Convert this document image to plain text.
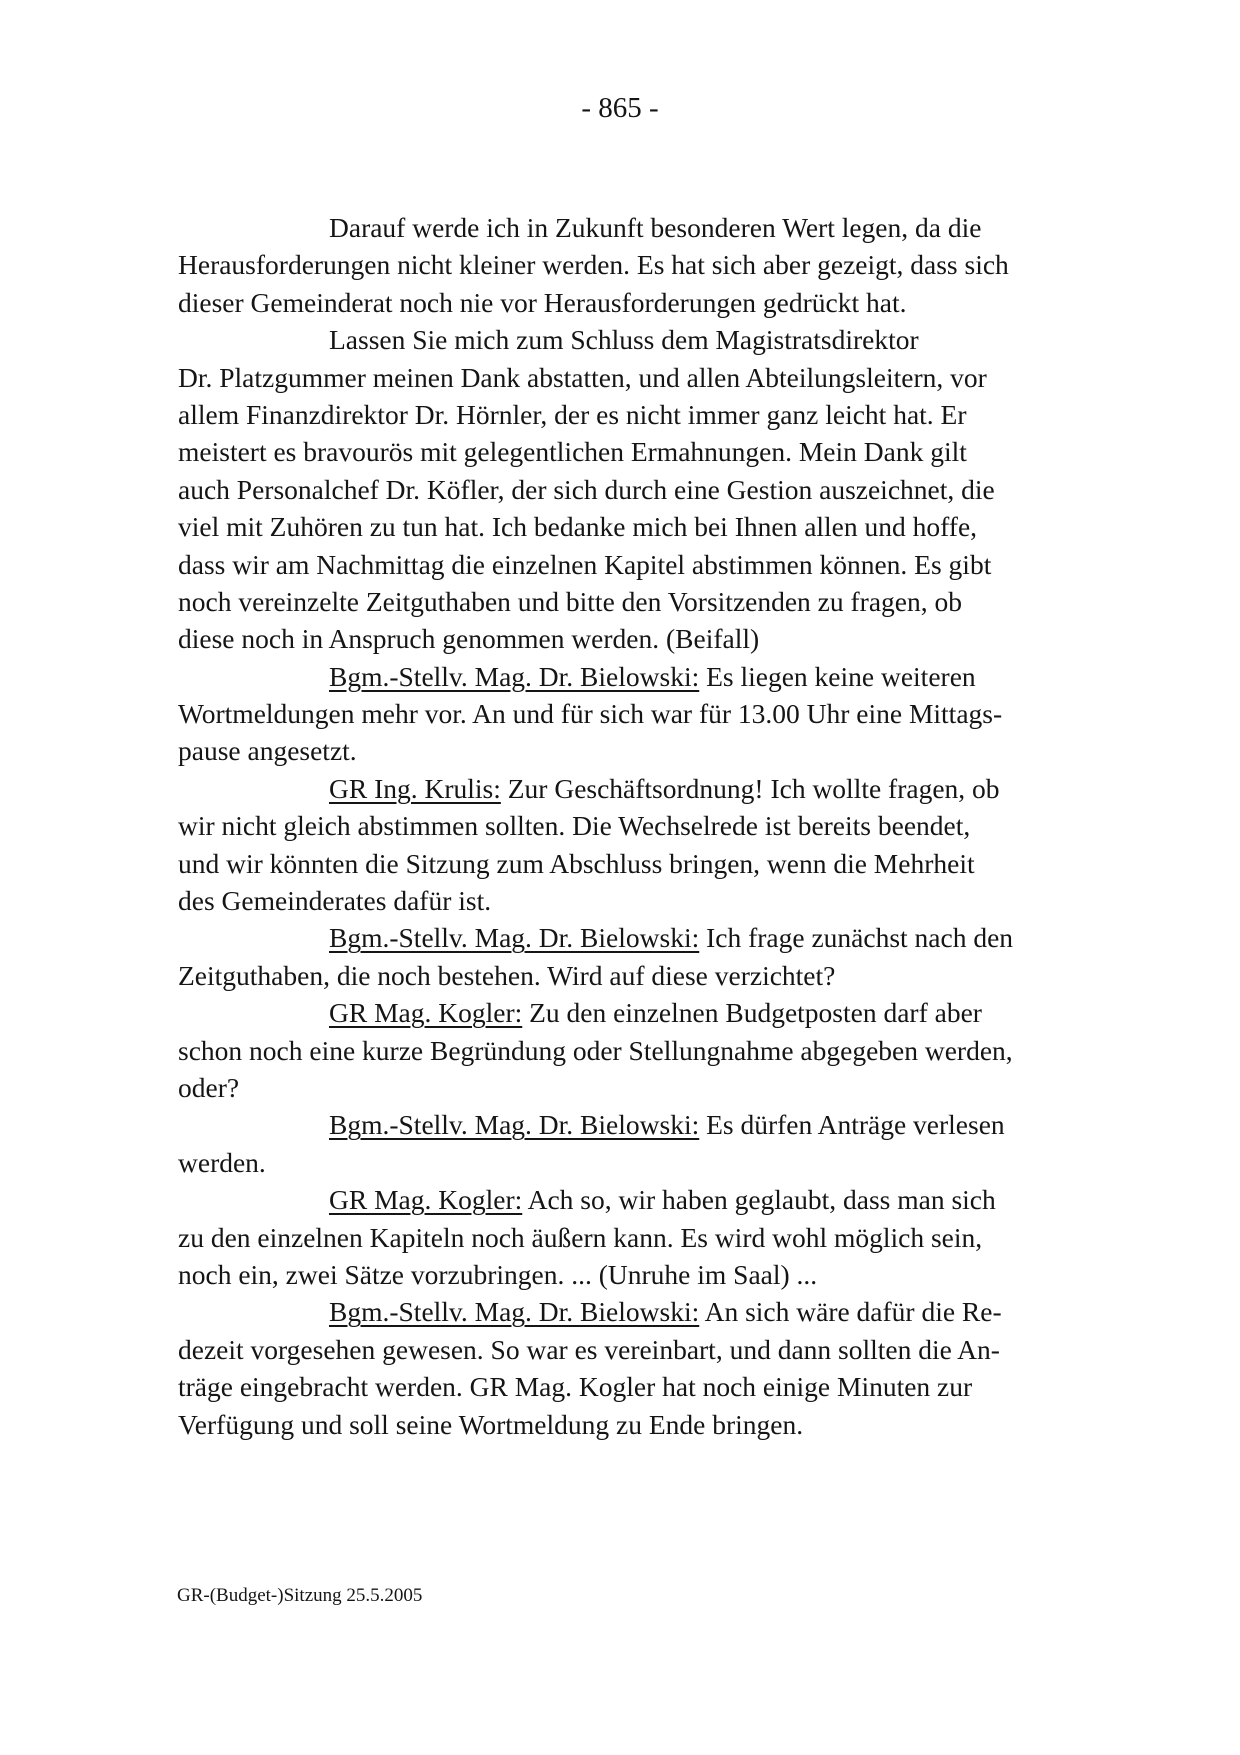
- 865 -
Darauf werde ich in Zukunft besonderen Wert legen, da die
Herausforderungen nicht kleiner werden. Es hat sich aber gezeigt, dass sich
dieser Gemeinderat noch nie vor Herausforderungen gedrückt hat.
Lassen Sie mich zum Schluss dem Magistratsdirektor
Dr. Platzgummer meinen Dank abstatten, und allen Abteilungsleitern, vor
allem Finanzdirektor Dr. Hörnler, der es nicht immer ganz leicht hat. Er
meistert es bravourös mit gelegentlichen Ermahnungen. Mein Dank gilt
auch Personalchef Dr. Köfler, der sich durch eine Gestion auszeichnet, die
viel mit Zuhören zu tun hat. Ich bedanke mich bei Ihnen allen und hoffe,
dass wir am Nachmittag die einzelnen Kapitel abstimmen können. Es gibt
noch vereinzelte Zeitguthaben und bitte den Vorsitzenden zu fragen, ob
diese noch in Anspruch genommen werden. (Beifall)
Bgm.-Stellv. Mag. Dr. Bielowski: Es liegen keine weiteren
Wortmeldungen mehr vor. An und für sich war für 13.00 Uhr eine Mittags-
pause angesetzt.
GR Ing. Krulis: Zur Geschäftsordnung! Ich wollte fragen, ob
wir nicht gleich abstimmen sollten. Die Wechselrede ist bereits beendet,
und wir könnten die Sitzung zum Abschluss bringen, wenn die Mehrheit
des Gemeinderates dafür ist.
Bgm.-Stellv. Mag. Dr. Bielowski: Ich frage zunächst nach den
Zeitguthaben, die noch bestehen. Wird auf diese verzichtet?
GR Mag. Kogler: Zu den einzelnen Budgetposten darf aber
schon noch eine kurze Begründung oder Stellungnahme abgegeben werden,
oder?
Bgm.-Stellv. Mag. Dr. Bielowski: Es dürfen Anträge verlesen
werden.
GR Mag. Kogler: Ach so, wir haben geglaubt, dass man sich
zu den einzelnen Kapiteln noch äußern kann. Es wird wohl möglich sein,
noch ein, zwei Sätze vorzubringen. ... (Unruhe im Saal) ...
Bgm.-Stellv. Mag. Dr. Bielowski: An sich wäre dafür die Re-
dezeit vorgesehen gewesen. So war es vereinbart, und dann sollten die An-
träge eingebracht werden. GR Mag. Kogler hat noch einige Minuten zur
Verfügung und soll seine Wortmeldung zu Ende bringen.
GR-(Budget-)Sitzung 25.5.2005
